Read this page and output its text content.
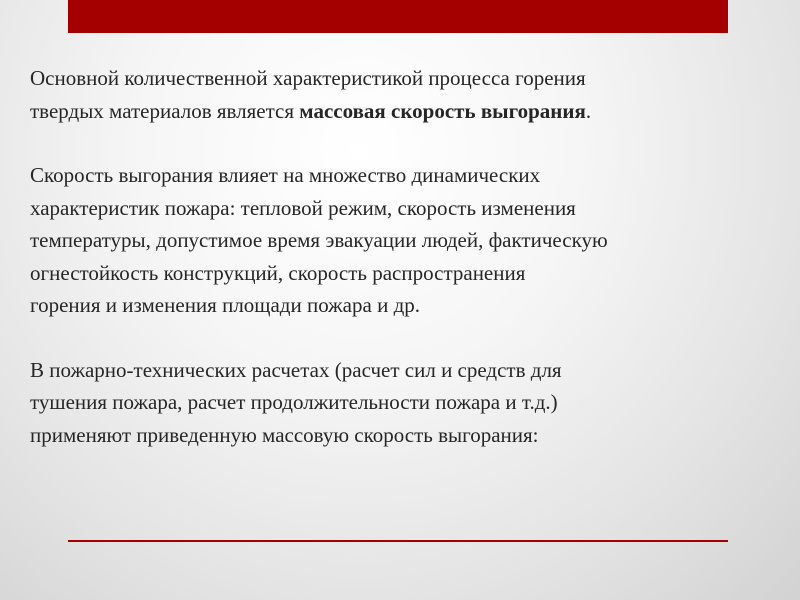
Основной количественной характеристикой процесса горения
твердых материалов является массовая скорость выгорания.

Скорость выгорания влияет на множество динамических
характеристик пожара: тепловой режим, скорость изменения
температуры, допустимое время эвакуации людей, фактическую
огнестойкость конструкций, скорость распространения
горения и изменения площади пожара и др.

В пожарно-технических расчетах (расчет сил и средств для
тушения пожара, расчет продолжительности пожара и т.д.)
применяют приведенную массовую скорость выгорания:
